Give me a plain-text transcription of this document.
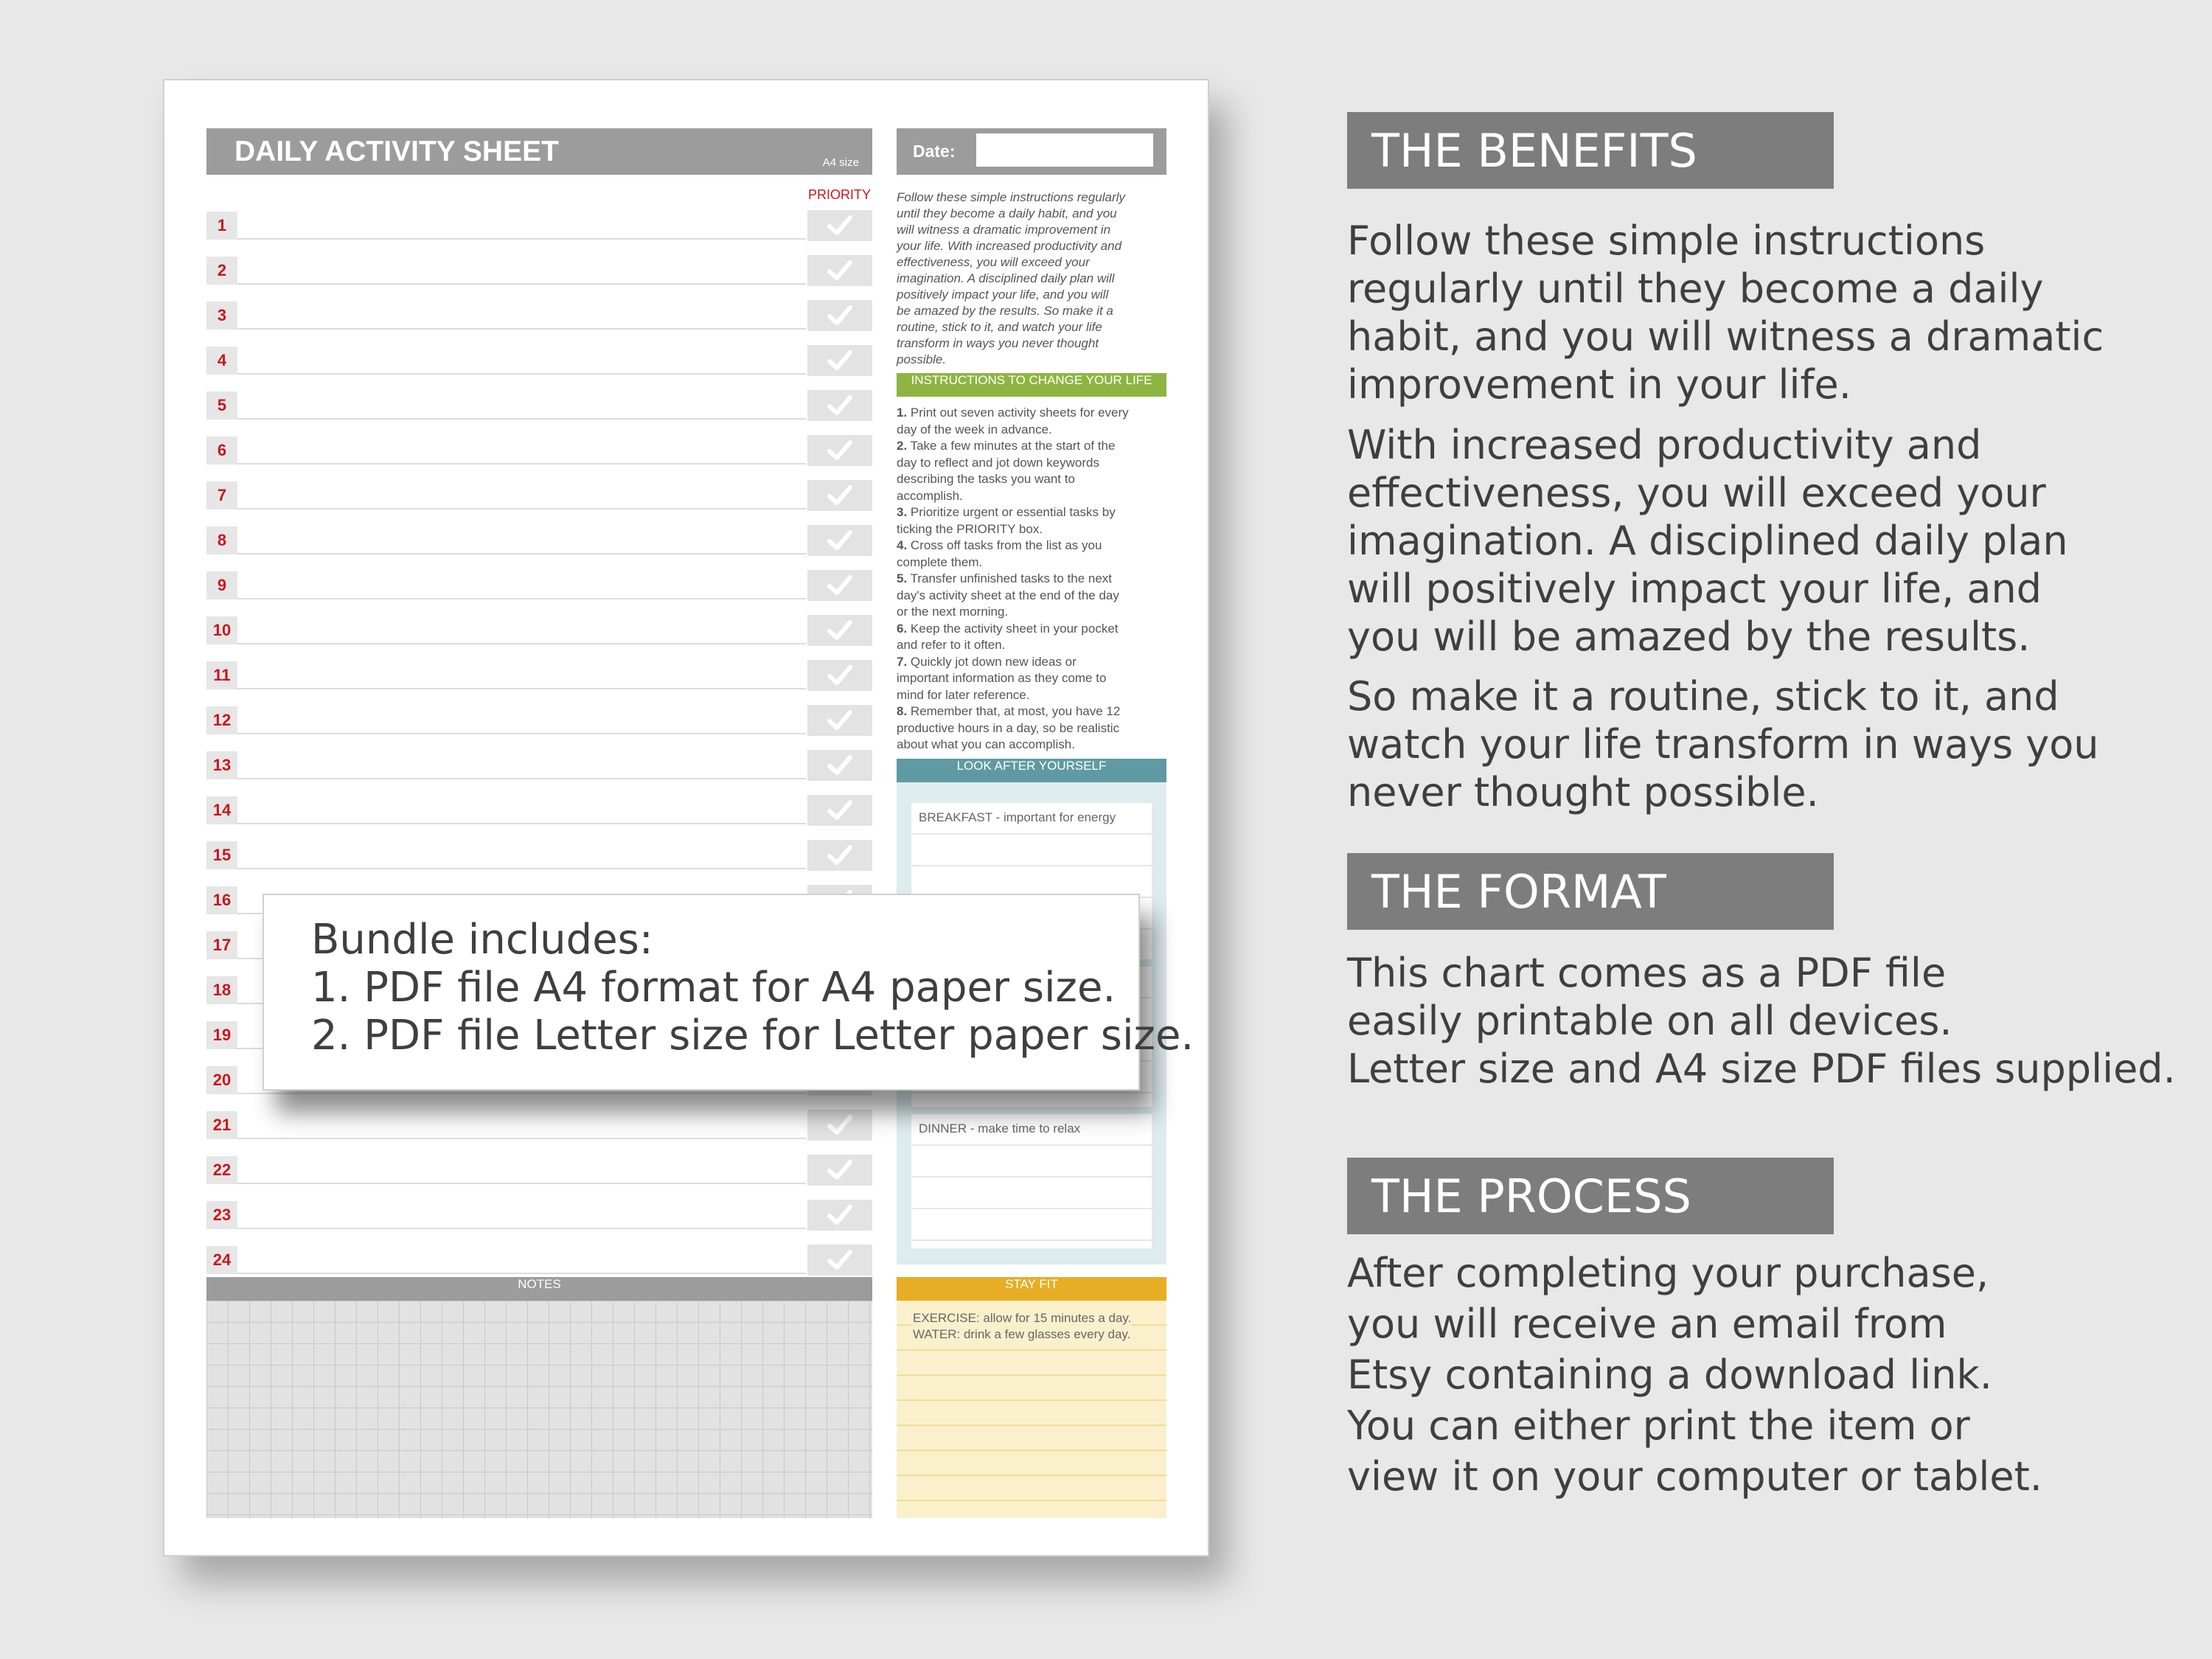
DAILY ACTIVITY SHEET	A4 size
PRIORITY
1
2
3
4
5
6
7
8
9
10
11
12
13
14
15
16
17
18
19
20
21
22
23
24
NOTES
Date:
Follow these simple instructions regularly
until they become a daily habit, and you
will witness a dramatic improvement in
your life. With increased productivity and
effectiveness, you will exceed your
imagination. A disciplined daily plan will
positively impact your life, and you will
be amazed by the results. So make it a
routine, stick to it, and watch your life
transform in ways you never thought
possible.
INSTRUCTIONS TO CHANGE YOUR LIFE
1. Print out seven activity sheets for every
day of the week in advance.
2. Take a few minutes at the start of the
day to reflect and jot down keywords
describing the tasks you want to
accomplish.
3. Prioritize urgent or essential tasks by
ticking the PRIORITY box.
4. Cross off tasks from the list as you
complete them.
5. Transfer unfinished tasks to the next
day's activity sheet at the end of the day
or the next morning.
6. Keep the activity sheet in your pocket
and refer to it often.
7. Quickly jot down new ideas or
important information as they come to
mind for later reference.
8. Remember that, at most, you have 12
productive hours in a day, so be realistic
about what you can accomplish.
LOOK AFTER YOURSELF
BREAKFAST - important for energy
DINNER - make time to relax
STAY FIT
EXERCISE: allow for 15 minutes a day.
WATER: drink a few glasses every day.
Bundle includes:
1. PDF file A4 format for A4 paper size.
2. PDF file Letter size for Letter paper size.
THE BENEFITS
Follow these simple instructions
regularly until they become a daily
habit, and you will witness a dramatic
improvement in your life.
With increased productivity and
effectiveness, you will exceed your
imagination. A disciplined daily plan
will positively impact your life, and
you will be amazed by the results.
So make it a routine, stick to it, and
watch your life transform in ways you
never thought possible.
THE FORMAT
This chart comes as a PDF file
easily printable on all devices.
Letter size and A4 size PDF files supplied.
THE PROCESS
After completing your purchase,
you will receive an email from
Etsy containing a download link.
You can either print the item or
view it on your computer or tablet.
